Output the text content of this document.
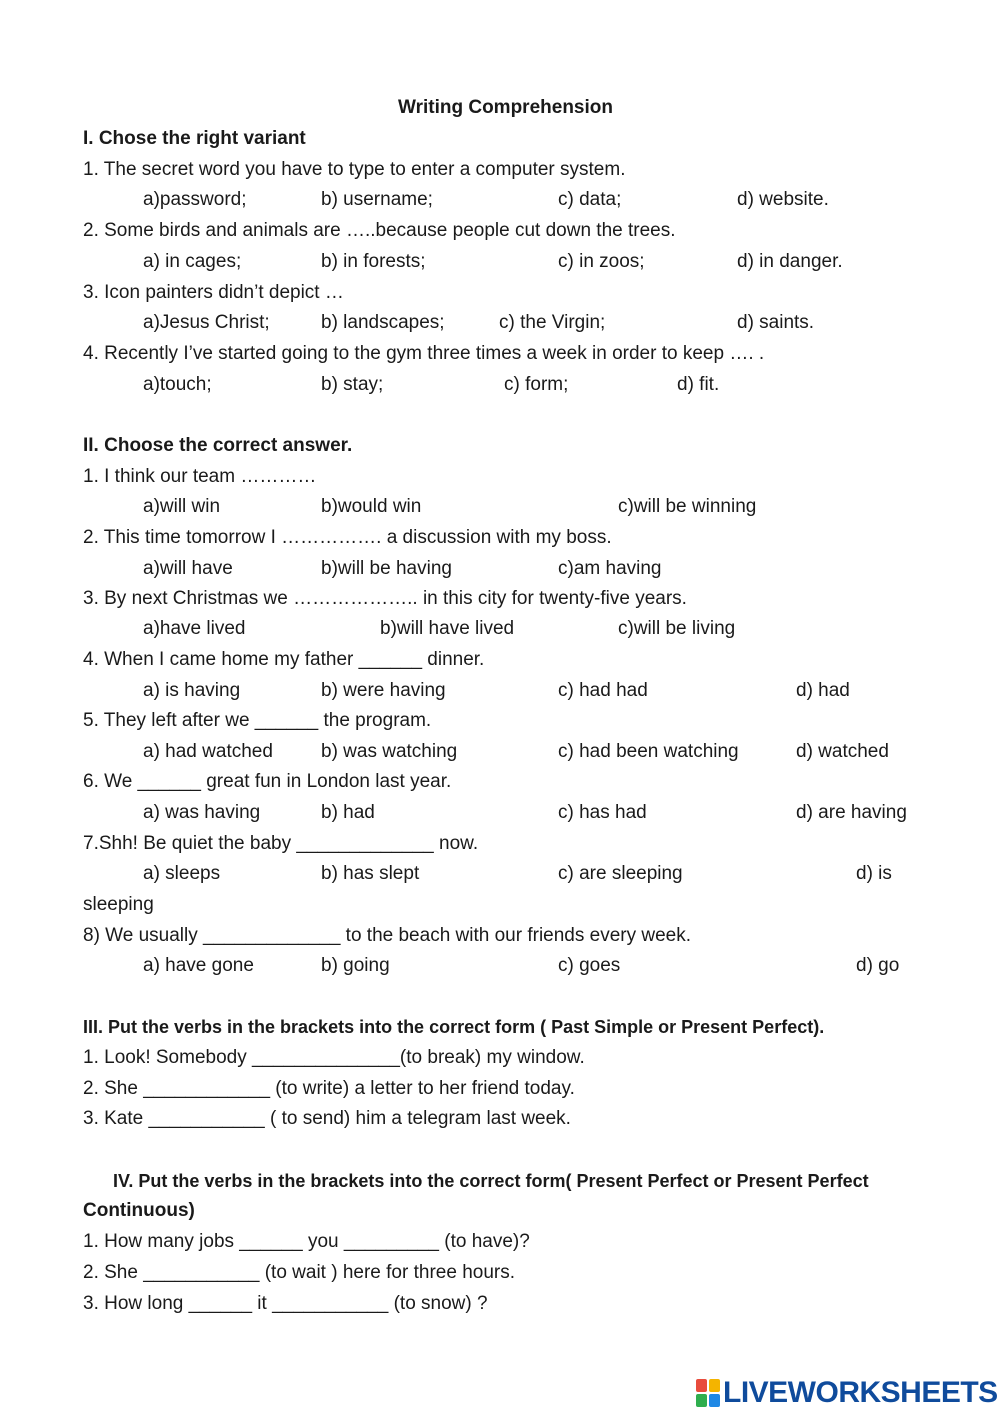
Writing Comprehension
I. Chose the right variant
1. The secret word you have to type to enter a computer system.
a)password;	b) username;	c) data;	d) website.
2. Some birds and animals are …..because people cut down the trees.
a) in cages;	b) in forests;	c) in zoos;	d) in danger.
3. Icon painters didn’t depict …
a)Jesus Christ;	b) landscapes;	c) the Virgin;	d) saints.
4. Recently I’ve started going to the gym three times a week in order to keep …. .
a)touch;	b) stay;	c) form;	d) fit.
II. Choose the correct answer.
1. I think our team …………
a)will win	b)would win	c)will be winning
2. This time tomorrow I ……………. a discussion with my boss.
a)will have	b)will be having	c)am having
3. By next Christmas we ……………….. in this city for twenty-five years.
a)have lived	b)will have lived	c)will be living
4. When I came home my father ______ dinner.
a) is having	b) were having	c) had had	d) had
5. They left after we ______ the program.
a) had watched	b) was watching	c) had been watching	d) watched
6. We ______ great fun in London last year.
a) was having	b) had	c) has had	d) are having
7.Shh! Be quiet the baby _____________ now.
a) sleeps	b) has slept	c) are sleeping	d) is
sleeping
8) We usually _____________ to the beach with our friends every week.
a) have gone	b) going	c) goes	d) go
III. Put the verbs in the brackets into the correct form ( Past Simple or Present Perfect).
1. Look! Somebody ______________(to break) my window.
2. She ____________ (to write) a letter to her friend today.
3. Kate ___________ ( to send) him a telegram last week.
IV. Put the verbs in the brackets into the correct form( Present Perfect or Present Perfect
Continuous)
1. How many jobs ______ you _________ (to have)?
2. She ___________ (to wait ) here for three hours.
3. How long ______ it ___________ (to snow) ?
LIVEWORKSHEETS
